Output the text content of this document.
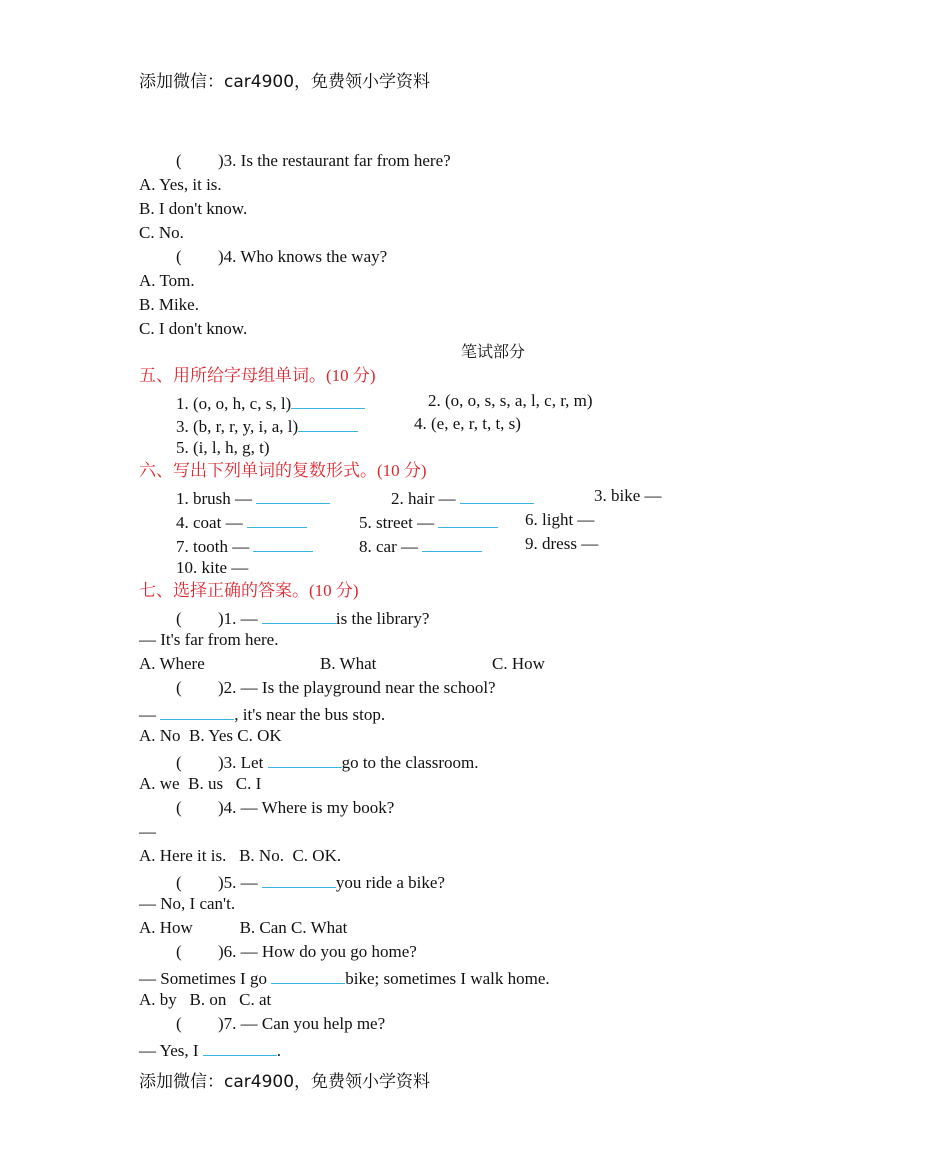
添加微信：car4900，免费领小学资料
( )3. Is the restaurant far from here?
A. Yes, it is.
B. I don't know.
C. No.
( )4. Who knows the way?
A. Tom.
B. Mike.
C. I don't know.
笔试部分
五、用所给字母组单词。(10 分)
1. (o, o, h, c, s, l)	2. (o, o, s, s, a, l, c, r, m)
3. (b, r, r, y, i, a, l)	4. (e, e, r, t, t, s)
5. (i, l, h, g, t)
六、写出下列单词的复数形式。(10 分)
1. brush —	2. hair —	3. bike —
4. coat —	5. street —	6. light —
7. tooth —	8. car —	9. dress —
10. kite —
七、选择正确的答案。(10 分)
( )1. —	is the library?
— It's far from here.
A. Where	B. What	C. How
( )2. — Is the playground near the school?
—	, it's near the bus stop.
A. No  B. Yes C. OK
( )3. Let	go to the classroom.
A. we  B. us   C. I
( )4. — Where is my book?
—
A. Here it is.   B. No.  C. OK.
( )5. —	you ride a bike?
— No, I can't.
A. How           B. Can C. What
( )6. — How do you go home?
— Sometimes I go	bike; sometimes I walk home.
A. by   B. on   C. at
( )7. — Can you help me?
— Yes, I	.
添加微信：car4900，免费领小学资料
